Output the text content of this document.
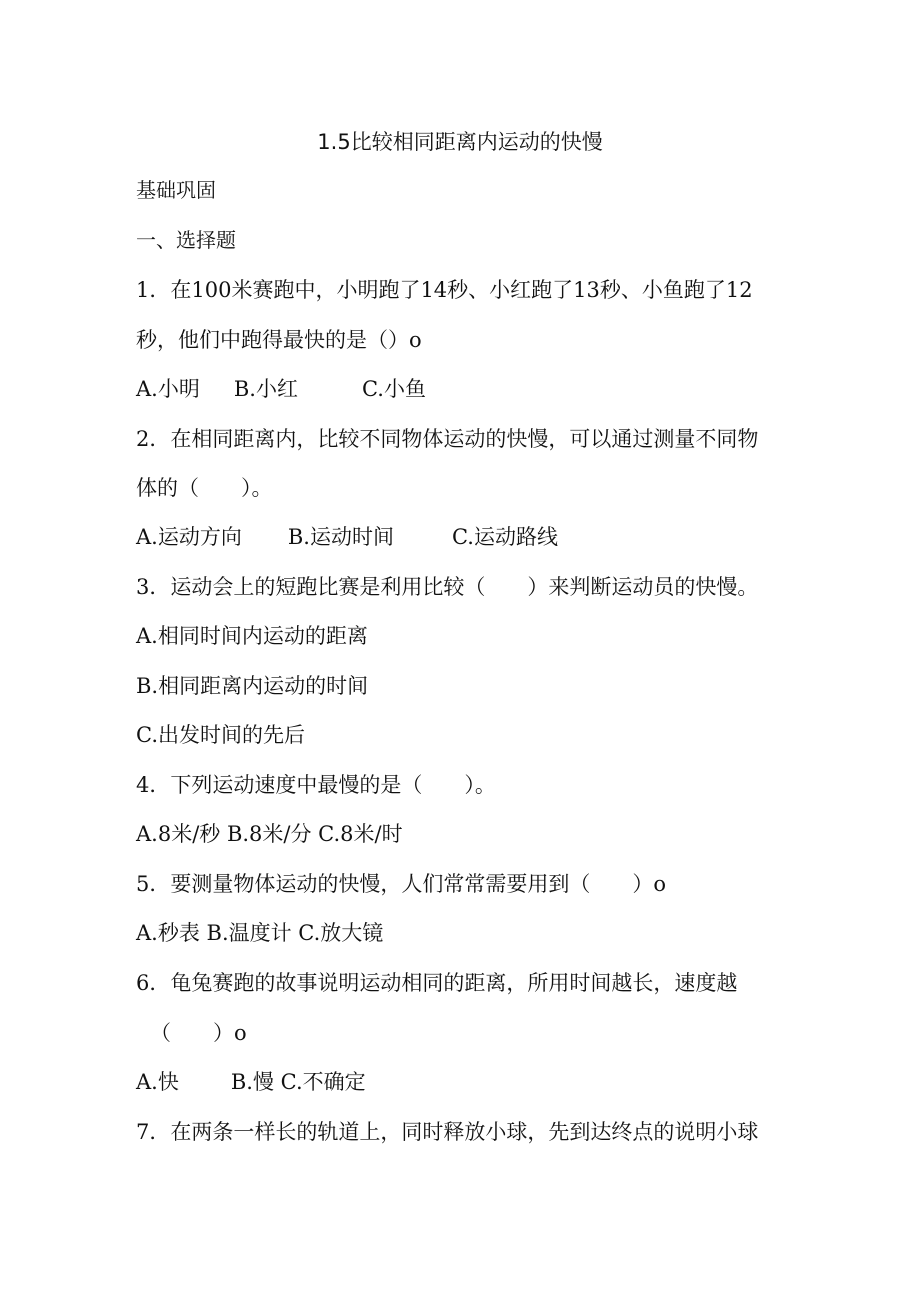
1.5比较相同距离内运动的快慢
基础巩固
一、选择题
1．在100米赛跑中，小明跑了14秒、小红跑了13秒、小鱼跑了12
秒，他们中跑得最快的是（）o
A.小明 B.小红	C.小鱼
2．在相同距离内，比较不同物体运动的快慢，可以通过测量不同物
体的（　　）。
A.运动方向 B.运动时间	C.运动路线
3．运动会上的短跑比赛是利用比较（　　）来判断运动员的快慢。
A.相同时间内运动的距离
B.相同距离内运动的时间
C.出发时间的先后
4．下列运动速度中最慢的是（　　）。
A.8米/秒 B.8米/分 C.8米/时
5．要测量物体运动的快慢，人们常常需要用到（　　）o
A.秒表 B.温度计 C.放大镜
6．龟兔赛跑的故事说明运动相同的距离，所用时间越长，速度越
（　　）o
A.快 B.慢 C.不确定
7．在两条一样长的轨道上，同时释放小球，先到达终点的说明小球
